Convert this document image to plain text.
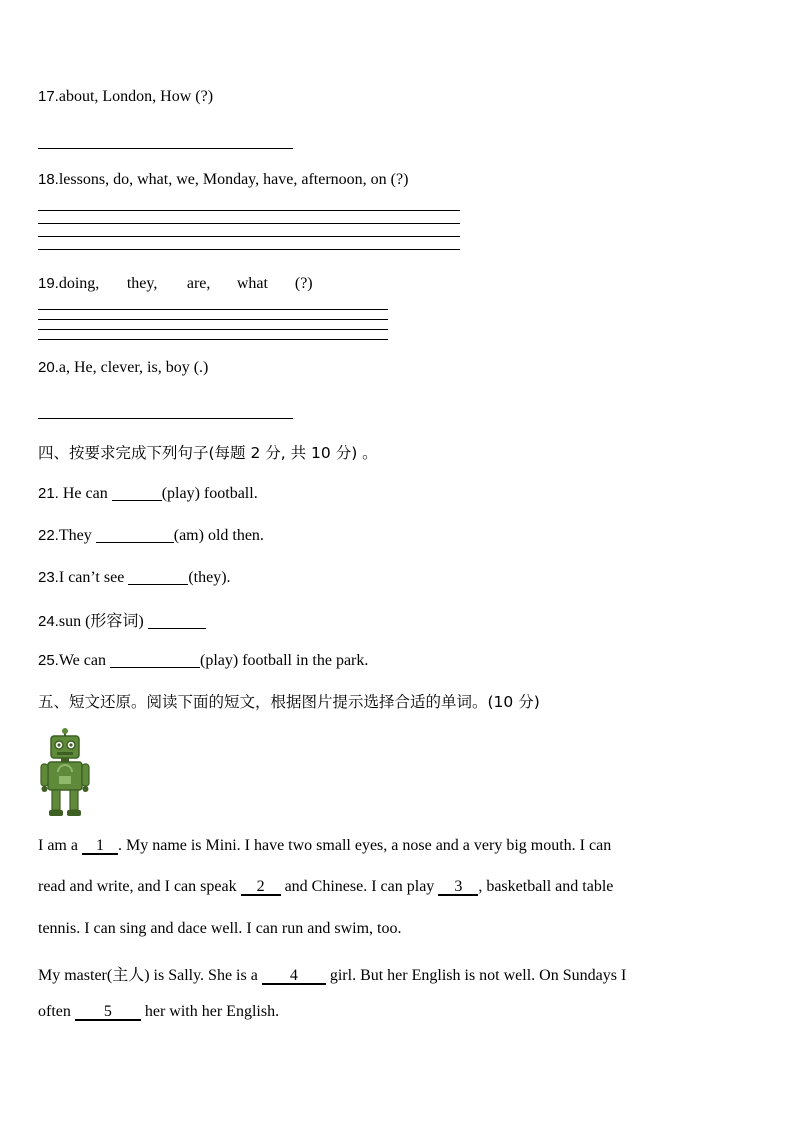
17.about, London, How (?)
18.lessons, do, what, we, Monday, have, afternoon, on (?)
19.doing, they, are, what (?)
20.a, He, clever, is, boy (.)
四、按要求完成下列句子(每题 2 分, 共 10 分) 。
21. He can	(play) football.
22.They	(am) old then.
23.I can’t see	(they).
24.sun (形容词)
25.We can	(play) football in the park.
五、短文还原。阅读下面的短文，根据图片提示选择合适的单词。(10 分)
I am a 1 . My name is Mini. I have two small eyes, a nose and a very big mouth. I can
read and write, and I can speak 2 and Chinese. I can play 3 , basketball and table
tennis. I can sing and dace well. I can run and swim, too.
My master(主人) is Sally. She is a 4 girl. But her English is not well. On Sundays I
often 5 her with her English.
